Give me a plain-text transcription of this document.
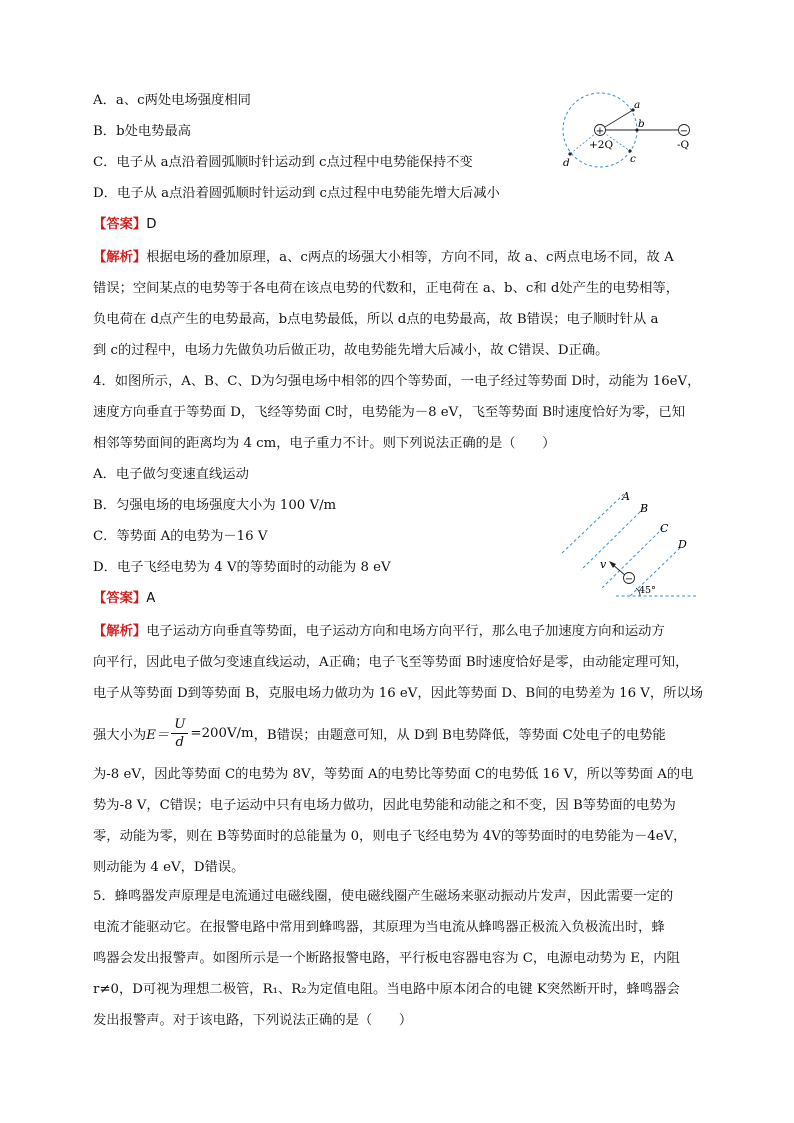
A．a、c两处电场强度相同
B．b处电势最高
C．电子从 a点沿着圆弧顺时针运动到 c点过程中电势能保持不变
D．电子从 a点沿着圆弧顺时针运动到 c点过程中电势能先增大后减小
+	−
a
b
c
d
+2Q	-Q
【答案】D
【解析】根据电场的叠加原理，a、c两点的场强大小相等，方向不同，故 a、c两点电场不同，故 A
错误；空间某点的电势等于各电荷在该点电势的代数和，正电荷在 a、b、c和 d处产生的电势相等，
负电荷在 d点产生的电势最高，b点电势最低，所以 d点的电势最高，故 B错误；电子顺时针从 a
到 c的过程中，电场力先做负功后做正功，故电势能先增大后减小，故 C错误、D正确。
4．如图所示，A、B、C、D为匀强电场中相邻的四个等势面，一电子经过等势面 D时，动能为 16eV，
速度方向垂直于等势面 D，飞经等势面 C时，电势能为－8 eV，飞至等势面 B时速度恰好为零，已知
相邻等势面间的距离均为 4 cm，电子重力不计。则下列说法正确的是（　　）
A．电子做匀变速直线运动
B．匀强电场的电场强度大小为 100 V/m
C．等势面 A的电势为－16 V
D．电子飞经电势为 4 V的等势面时的动能为 8 eV
−
A
B
C
D
v
45°
【答案】A
【解析】电子运动方向垂直等势面，电子运动方向和电场方向平行，那么电子加速度方向和运动方
向平行，因此电子做匀变速直线运动，A正确；电子飞至等势面 B时速度恰好是零，由动能定理可知，
电子从等势面 D到等势面 B，克服电场力做功为 16 eV，因此等势面 D、B间的电势差为 16 V，所以场
强大小为 $E= \frac{U}{d} =200V/m$ ，B错误；由题意可知，从 D到 B电势降低，等势面 C处电子的电势能
为-8 eV，因此等势面 C的电势为 8V，等势面 A的电势比等势面 C的电势低 16 V，所以等势面 A的电
势为-8 V，C错误；电子运动中只有电场力做功，因此电势能和动能之和不变，因 B等势面的电势为
零，动能为零，则在 B等势面时的总能量为 0，则电子飞经电势为 4V的等势面时的电势能为－4eV，
则动能为 4 eV，D错误。
5．蜂鸣器发声原理是电流通过电磁线圈，使电磁线圈产生磁场来驱动振动片发声，因此需要一定的
电流才能驱动它。在报警电路中常用到蜂鸣器，其原理为当电流从蜂鸣器正极流入负极流出时，蜂
鸣器会发出报警声。如图所示是一个断路报警电路，平行板电容器电容为 C，电源电动势为 E，内阻
r≠0，D可视为理想二极管，R₁、R₂为定值电阻。当电路中原本闭合的电键 K突然断开时，蜂鸣器会
发出报警声。对于该电路，下列说法正确的是（　　）
